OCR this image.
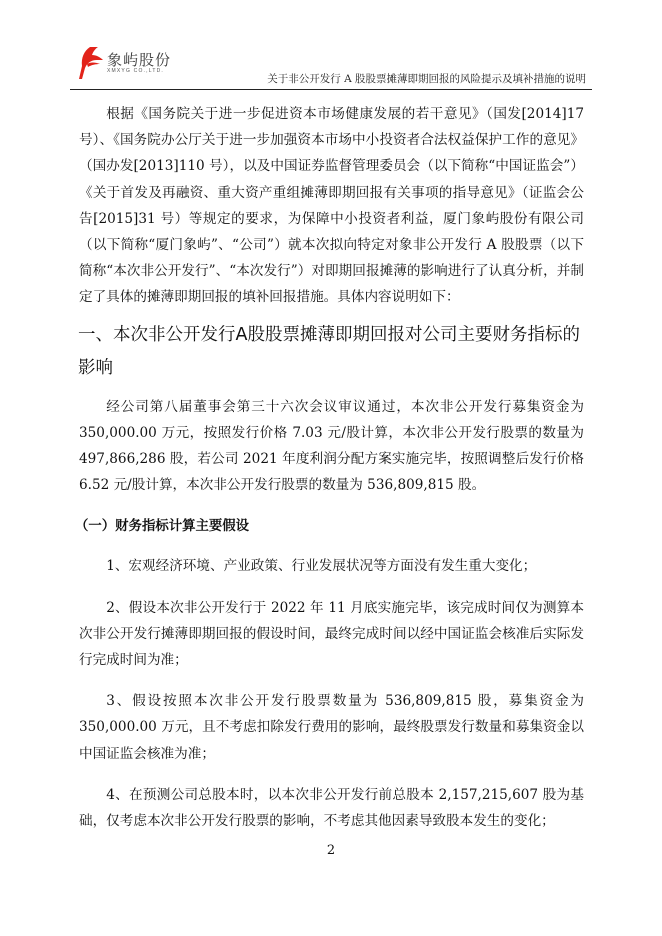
象屿股份
XMXYG CO.,LTD.
关于非公开发行 A 股股票摊薄即期回报的风险提示及填补措施的说明

根据《国务院关于进一步促进资本市场健康发展的若干意见》（国发[2014]17号）、《国务院办公厅关于进一步加强资本市场中小投资者合法权益保护工作的意见》（国办发[2013]110 号），以及中国证券监督管理委员会（以下简称“中国证监会”）《关于首发及再融资、重大资产重组摊薄即期回报有关事项的指导意见》（证监会公告[2015]31 号）等规定的要求，为保障中小投资者利益，厦门象屿股份有限公司（以下简称“厦门象屿”、“公司”）就本次拟向特定对象非公开发行 A 股股票（以下简称“本次非公开发行”、“本次发行”）对即期回报摊薄的影响进行了认真分析，并制定了具体的摊薄即期回报的填补回报措施。具体内容说明如下：

一、本次非公开发行A股股票摊薄即期回报对公司主要财务指标的影响

经公司第八届董事会第三十六次会议审议通过，本次非公开发行募集资金为 350,000.00 万元，按照发行价格 7.03 元/股计算，本次非公开发行股票的数量为 497,866,286 股，若公司 2021 年度利润分配方案实施完毕，按照调整后发行价格 6.52 元/股计算，本次非公开发行股票的数量为 536,809,815 股。

（一）财务指标计算主要假设

1、宏观经济环境、产业政策、行业发展状况等方面没有发生重大变化；

2、假设本次非公开发行于 2022 年 11 月底实施完毕，该完成时间仅为测算本次非公开发行摊薄即期回报的假设时间，最终完成时间以经中国证监会核准后实际发行完成时间为准；

3、假设按照本次非公开发行股票数量为 536,809,815 股，募集资金为 350,000.00 万元，且不考虑扣除发行费用的影响，最终股票发行数量和募集资金以中国证监会核准为准；

4、在预测公司总股本时，以本次非公开发行前总股本 2,157,215,607 股为基础，仅考虑本次非公开发行股票的影响，不考虑其他因素导致股本发生的变化；

2
